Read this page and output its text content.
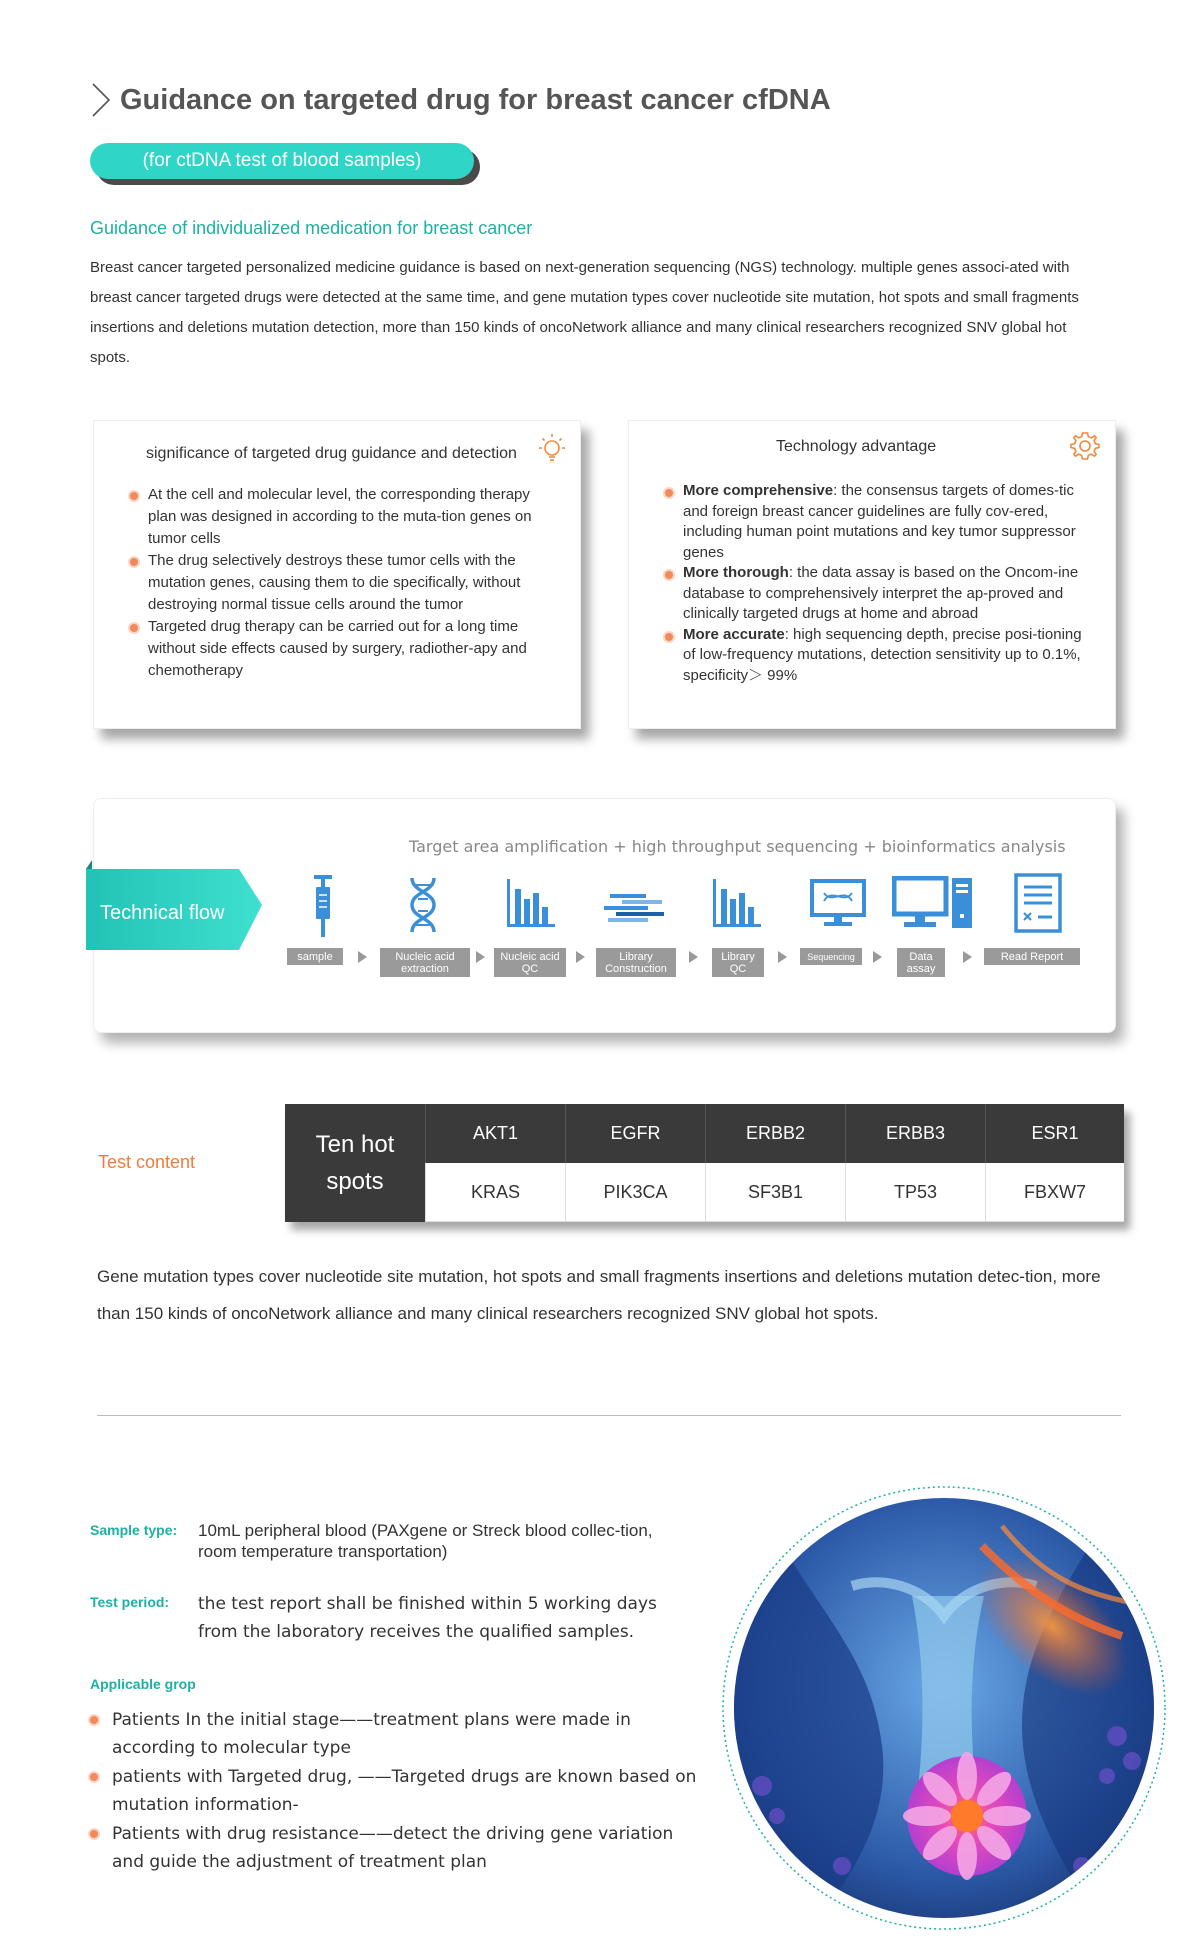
Guidance on targeted drug for breast cancer cfDNA
(for ctDNA test of blood samples)
Guidance of individualized medication for breast cancer
Breast cancer targeted personalized medicine guidance is based on next-generation sequencing (NGS) technology. multiple genes associ-ated with breast cancer targeted drugs were detected at the same time, and gene mutation types cover nucleotide site mutation, hot spots and small fragments insertions and deletions mutation detection, more than 150 kinds of oncoNetwork alliance and many clinical researchers recognized SNV global hot spots.
significance of targeted drug guidance and detection
At the cell and molecular level, the corresponding therapy plan was designed in according to the muta-tion genes on tumor cells
The drug selectively destroys these tumor cells with the mutation genes, causing them to die specifically, without destroying normal tissue cells around the tumor
Targeted drug therapy can be carried out for a long time without side effects caused by surgery, radiother-apy and chemotherapy
Technology advantage
More comprehensive: the consensus targets of domes-tic and foreign breast cancer guidelines are fully cov-ered, including human point mutations and key tumor suppressor genes
More thorough: the data assay is based on the Oncom-ine database to comprehensively interpret the ap-proved and clinically targeted drugs at home and abroad
More accurate: high sequencing depth, precise posi-tioning of low-frequency mutations, detection sensitivity up to 0.1%, specificity＞ 99%
Target area amplification + high throughput sequencing + bioinformatics analysis
Technical flow
sample	Nucleic acid extraction
Nucleic acid QC
Library Construction
Library QC
Sequencing	Data assay
Read Report
Test content
Ten hot spots
AKT1	EGFR	ERBB2	ERBB3	ESR1
KRAS	PIK3CA	SF3B1	TP53	FBXW7
Gene mutation types cover nucleotide site mutation, hot spots and small fragments insertions and deletions mutation detec-tion, more than 150 kinds of oncoNetwork alliance and many clinical researchers recognized SNV global hot spots.
Sample type: 10mL peripheral blood (PAXgene or Streck blood collec-tion, room temperature transportation)
Test period: the test report shall be finished within 5 working days from the laboratory receives the qualified samples.
Applicable grop
Patients In the initial stage——treatment plans were made in according to molecular type
patients with Targeted drug, ——Targeted drugs are known based on mutation information-
Patients with drug resistance——detect the driving gene variation and guide the adjustment of treatment plan
